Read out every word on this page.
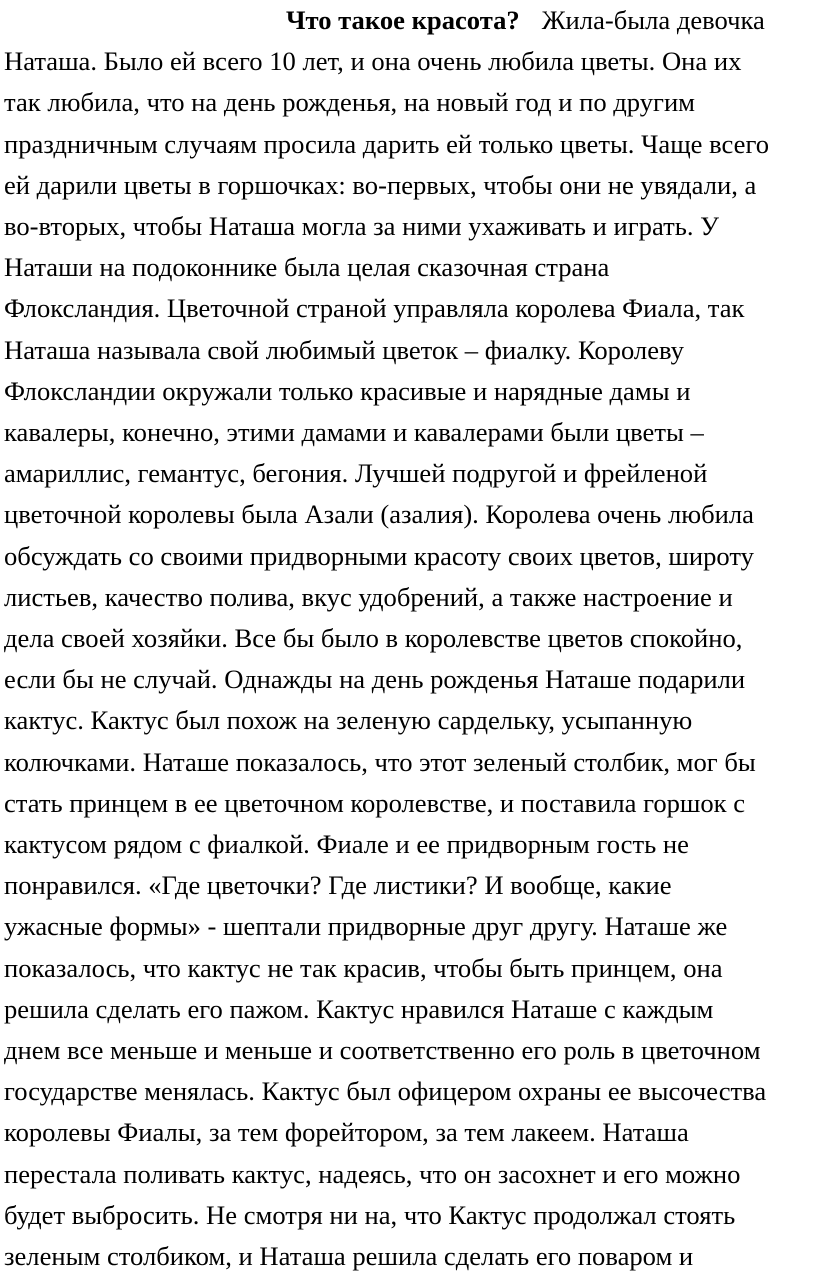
Что такое красота? Жила-была девочка
Наташа. Было ей всего 10 лет, и она очень любила цветы. Она их
так любила, что на день рожденья, на новый год и по другим
праздничным случаям просила дарить ей только цветы. Чаще всего
ей дарили цветы в горшочках: во-первых, чтобы они не увядали, а
во-вторых, чтобы Наташа могла за ними ухаживать и играть. У
Наташи на подоконнике была целая сказочная страна
Флоксландия. Цветочной страной управляла королева Фиала, так
Наташа называла свой любимый цветок – фиалку. Королеву
Флоксландии окружали только красивые и нарядные дамы и
кавалеры, конечно, этими дамами и кавалерами были цветы –
амариллис, гемантус, бегония. Лучшей подругой и фрейленой
цветочной королевы была Азали (азалия). Королева очень любила
обсуждать со своими придворными красоту своих цветов, широту
листьев, качество полива, вкус удобрений, а также настроение и
дела своей хозяйки. Все бы было в королевстве цветов спокойно,
если бы не случай. Однажды на день рожденья Наташе подарили
кактус. Кактус был похож на зеленую сардельку, усыпанную
колючками. Наташе показалось, что этот зеленый столбик, мог бы
стать принцем в ее цветочном королевстве, и поставила горшок с
кактусом рядом с фиалкой. Фиале и ее придворным гость не
понравился. «Где цветочки? Где листики? И вообще, какие
ужасные формы» - шептали придворные друг другу. Наташе же
показалось, что кактус не так красив, чтобы быть принцем, она
решила сделать его пажом. Кактус нравился Наташе с каждым
днем все меньше и меньше и соответственно его роль в цветочном
государстве менялась. Кактус был офицером охраны ее высочества
королевы Фиалы, за тем форейтором, за тем лакеем. Наташа
перестала поливать кактус, надеясь, что он засохнет и его можно
будет выбросить. Не смотря ни на, что Кактус продолжал стоять
зеленым столбиком, и Наташа решила сделать его поваром и
